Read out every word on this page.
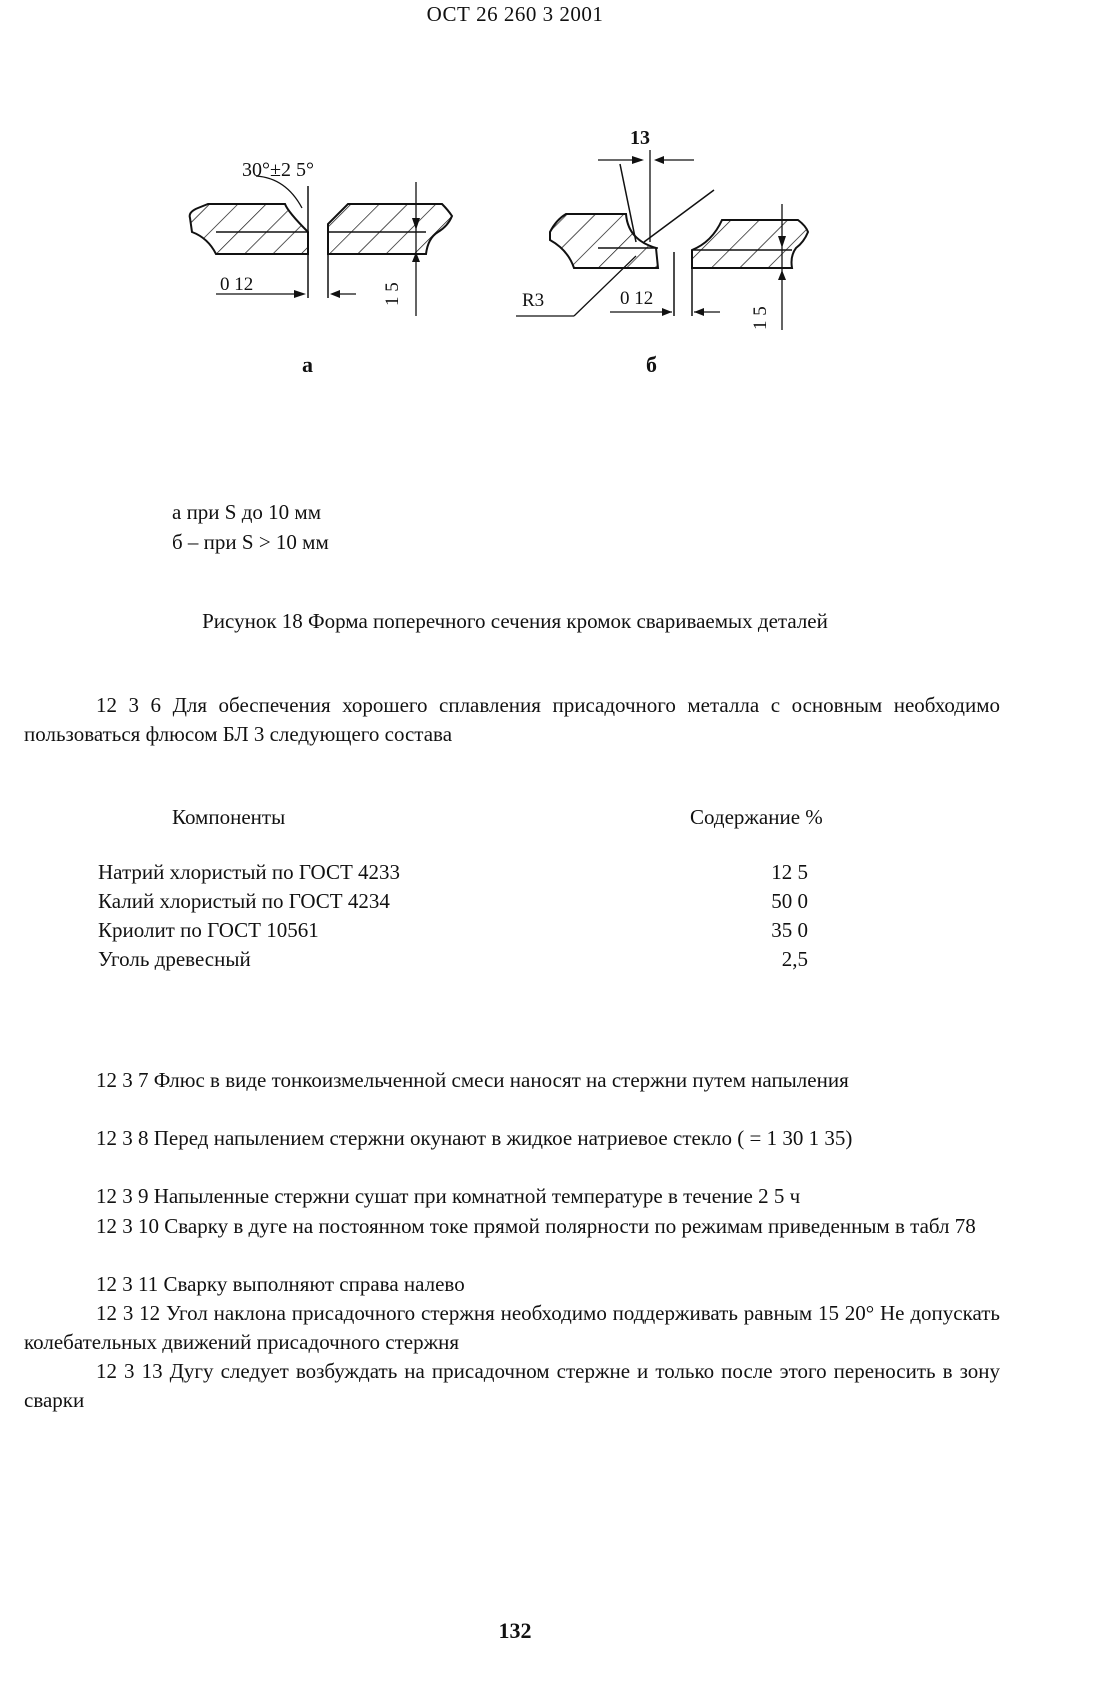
ОСТ 26 260 3 2001
30°±2 5°
0 12	1 5
а
13
R3	0 12
1 5
б
а при S до 10 мм
б – при S > 10 мм
Рисунок 18 Форма поперечного сечения кромок свариваемых деталей
12 3 6 Для обеспечения хорошего сплавления присадочного металла с основным необходимо пользоваться флюсом БЛ 3 следующего состава
Компоненты	Содержание %
Натрий хлористый по ГОСТ 4233	12 5
Калий хлористый по ГОСТ 4234	50 0
Криолит по ГОСТ 10561	35 0
Уголь древесный	2,5
12 3 7 Флюс в виде тонкоизмельченной смеси наносят на стержни путем напыления
12 3 8 Перед напылением стержни окунают в жидкое натриевое стекло ( = 1 30 1 35)
12 3 9 Напыленные стержни сушат при комнатной температуре в течение 2 5 ч
12 3 10 Сварку в дуге на постоянном токе прямой полярности по режимам приведенным в табл 78
12 3 11 Сварку выполняют справа налево
12 3 12 Угол наклона присадочного стержня необходимо поддерживать равным 15 20° Не допускать колебательных движений присадочного стержня
12 3 13 Дугу следует возбуждать на присадочном стержне и только после этого переносить в зону сварки
132
